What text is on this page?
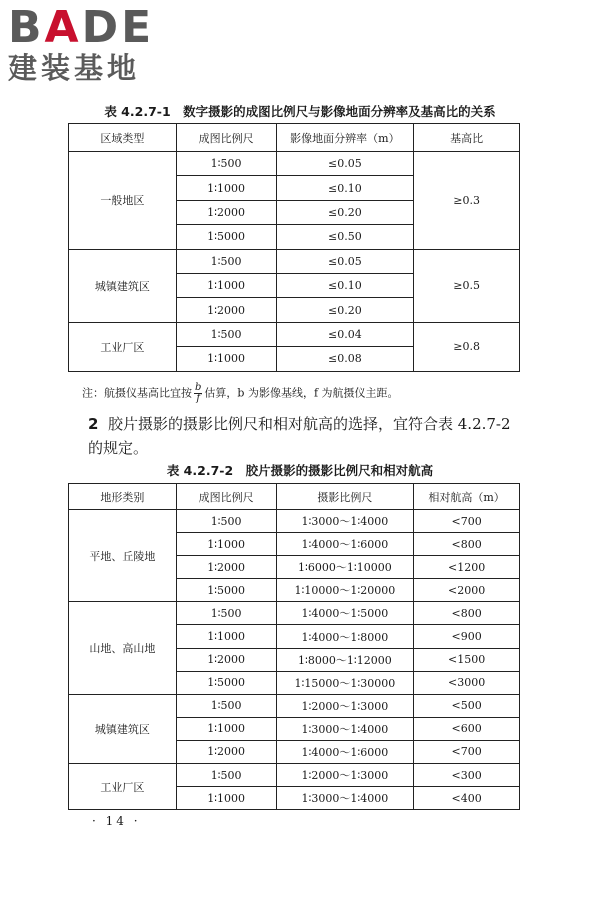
BADE
建装基地
表 4.2.7-1　数字摄影的成图比例尺与影像地面分辨率及基高比的关系
区域类型	成图比例尺	影像地面分辨率（m）	基高比
一般地区	1∶500	≤0.05	≥0.3
	1∶1000	≤0.10	
	1∶2000	≤0.20	
	1∶5000	≤0.50	
城镇建筑区	1∶500	≤0.05	≥0.5
	1∶1000	≤0.10	
	1∶2000	≤0.20	
工业厂区	1∶500	≤0.04	≥0.8
	1∶1000	≤0.08	
注：航摄仪基高比宜按 $\frac{b}{f}$ 估算，b 为影像基线，f 为航摄仪主距。
2 胶片摄影的摄影比例尺和相对航高的选择，宜符合表 4.2.7-2 的规定。
表 4.2.7-2　胶片摄影的摄影比例尺和相对航高
地形类别	成图比例尺	摄影比例尺	相对航高（m）
平地、丘陵地	1∶500	1∶3000～1∶4000	<700
	1∶1000	1∶4000～1∶6000	<800
	1∶2000	1∶6000～1∶10000	<1200
	1∶5000	1∶10000～1∶20000	<2000
山地、高山地	1∶500	1∶4000～1∶5000	<800
	1∶1000	1∶4000～1∶8000	<900
	1∶2000	1∶8000～1∶12000	<1500
	1∶5000	1∶15000～1∶30000	<3000
城镇建筑区	1∶500	1∶2000～1∶3000	<500
	1∶1000	1∶3000～1∶4000	<600
	1∶2000	1∶4000～1∶6000	<700
工业厂区	1∶500	1∶2000～1∶3000	<300
	1∶1000	1∶3000～1∶4000	<400
· 14 ·
